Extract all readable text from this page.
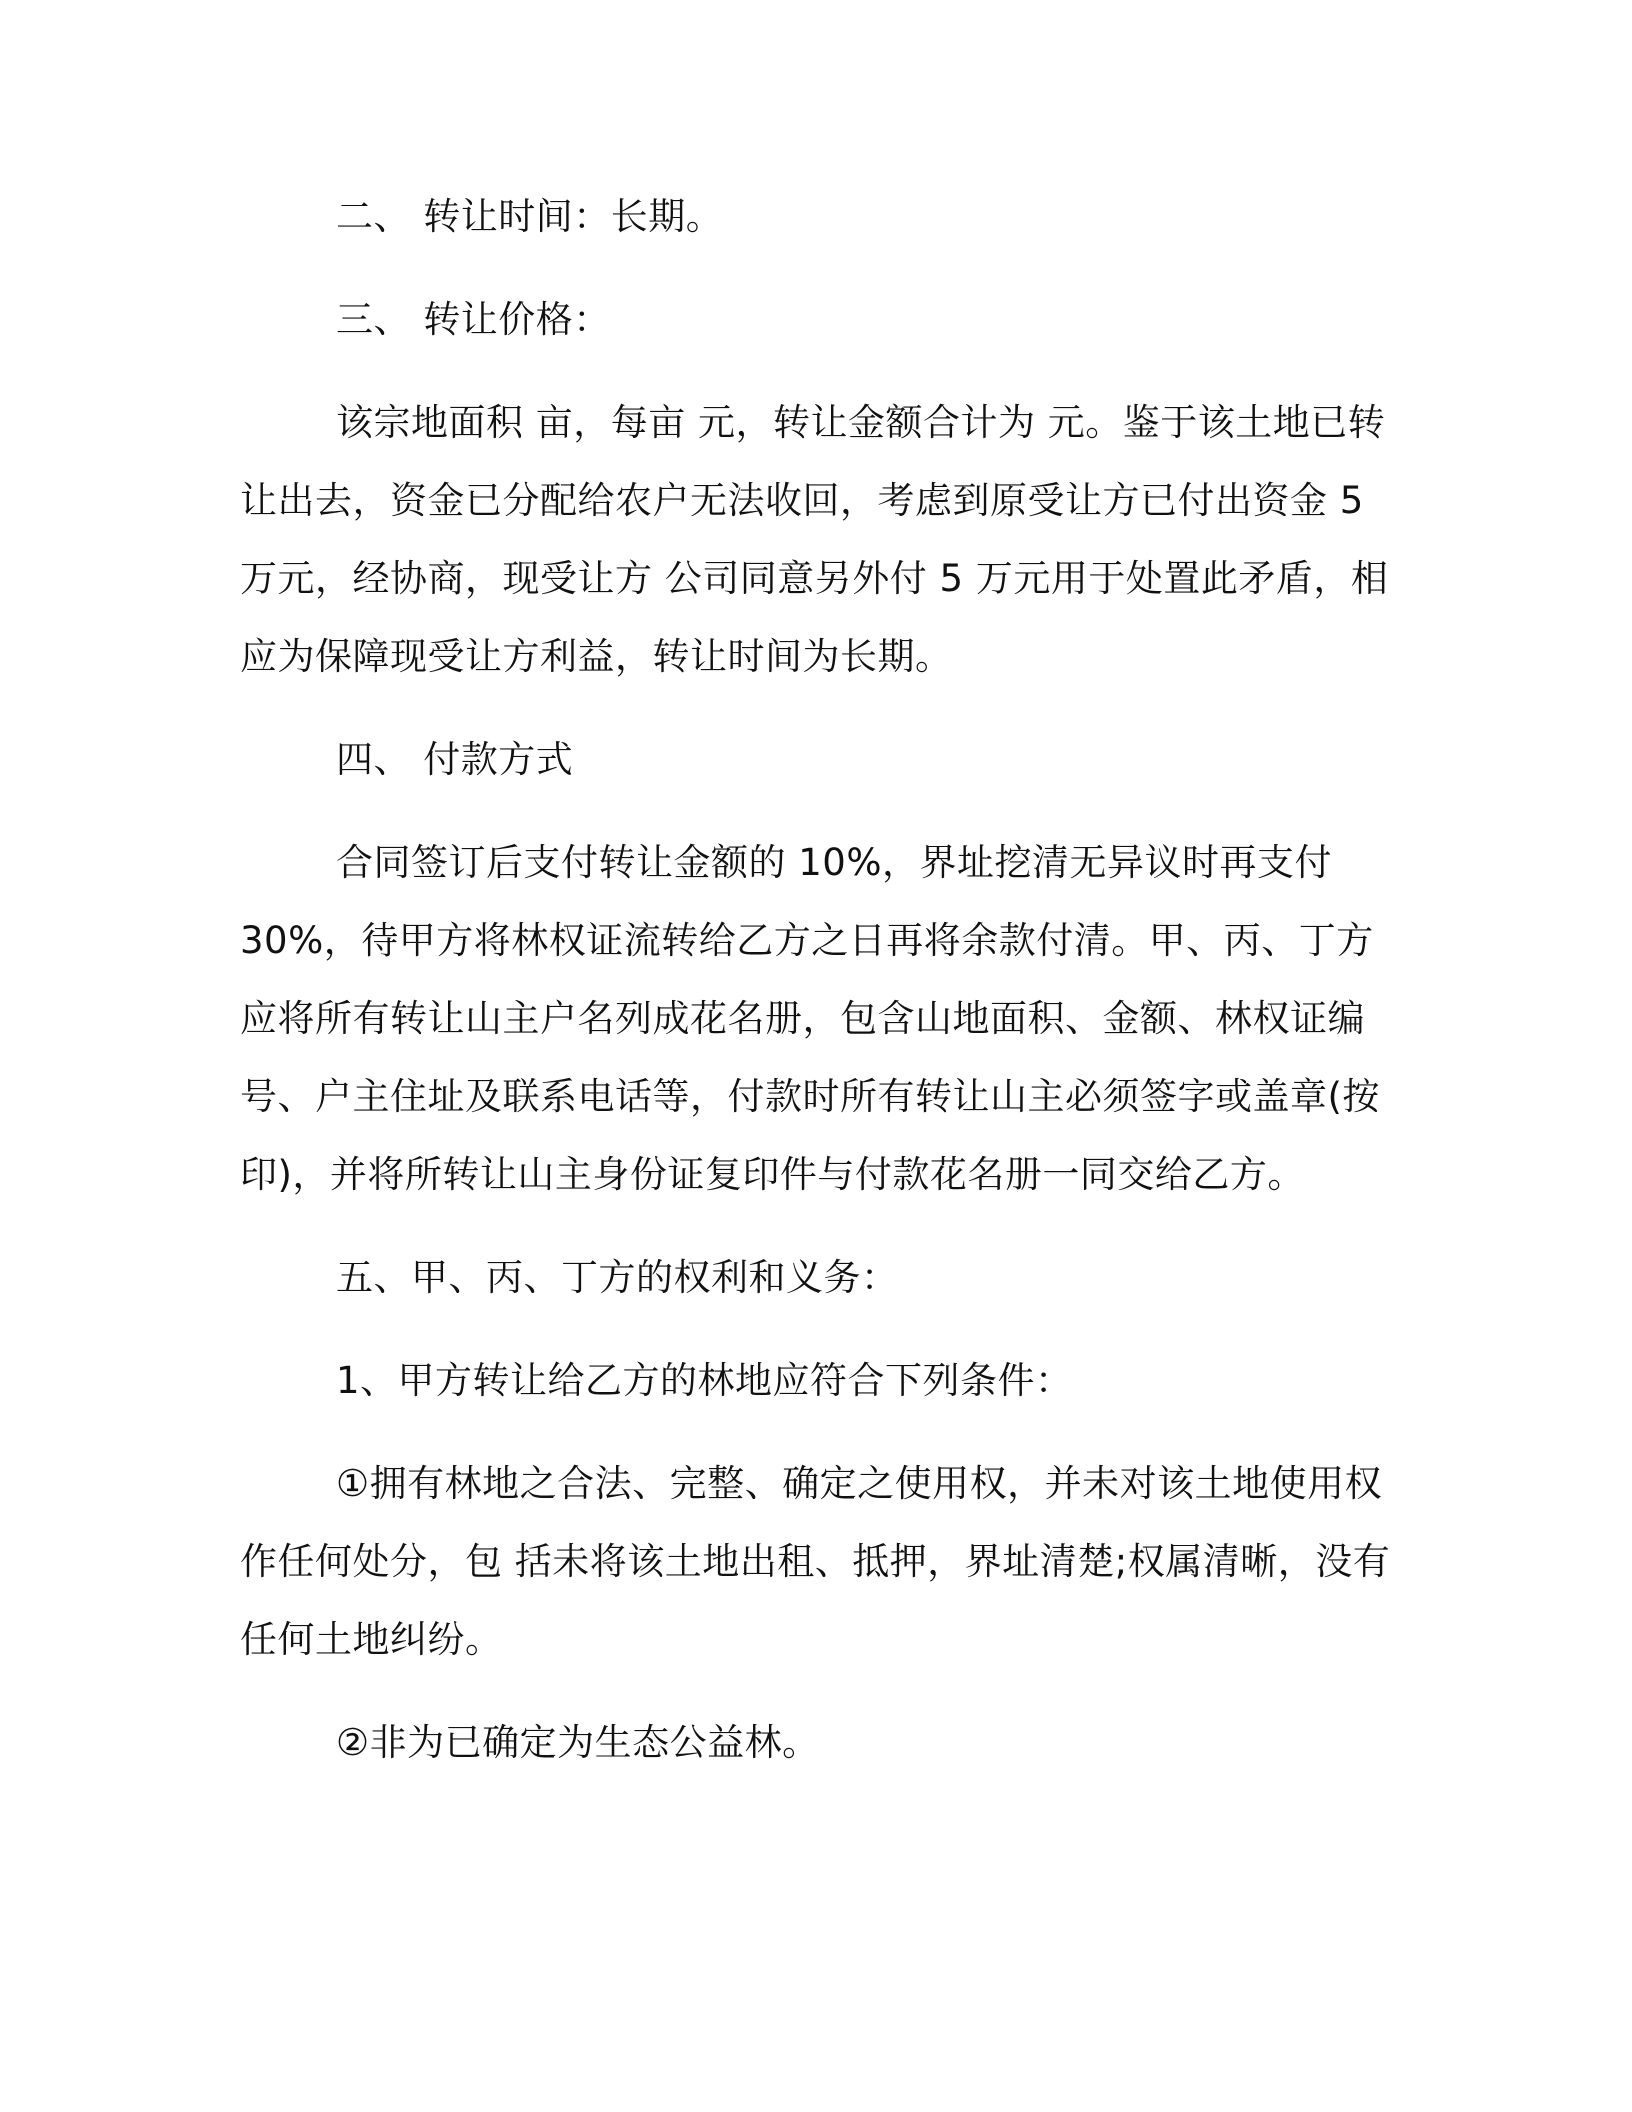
二、 转让时间：长期。
三、 转让价格：
该宗地面积 亩，每亩 元，转让金额合计为 元。鉴于该土地已转
让出去，资金已分配给农户无法收回，考虑到原受让方已付出资金 5
万元，经协商，现受让方 公司同意另外付 5 万元用于处置此矛盾，相
应为保障现受让方利益，转让时间为长期。
四、 付款方式
合同签订后支付转让金额的 10%，界址挖清无异议时再支付
30%，待甲方将林权证流转给乙方之日再将余款付清。甲、丙、丁方
应将所有转让山主户名列成花名册，包含山地面积、金额、林权证编
号、户主住址及联系电话等，付款时所有转让山主必须签字或盖章(按
印)，并将所转让山主身份证复印件与付款花名册一同交给乙方。
五、甲、丙、丁方的权利和义务：
1、甲方转让给乙方的林地应符合下列条件：
①拥有林地之合法、完整、确定之使用权，并未对该土地使用权
作任何处分，包 括未将该土地出租、抵押，界址清楚;权属清晰，没有
任何土地纠纷。
②非为已确定为生态公益林。
